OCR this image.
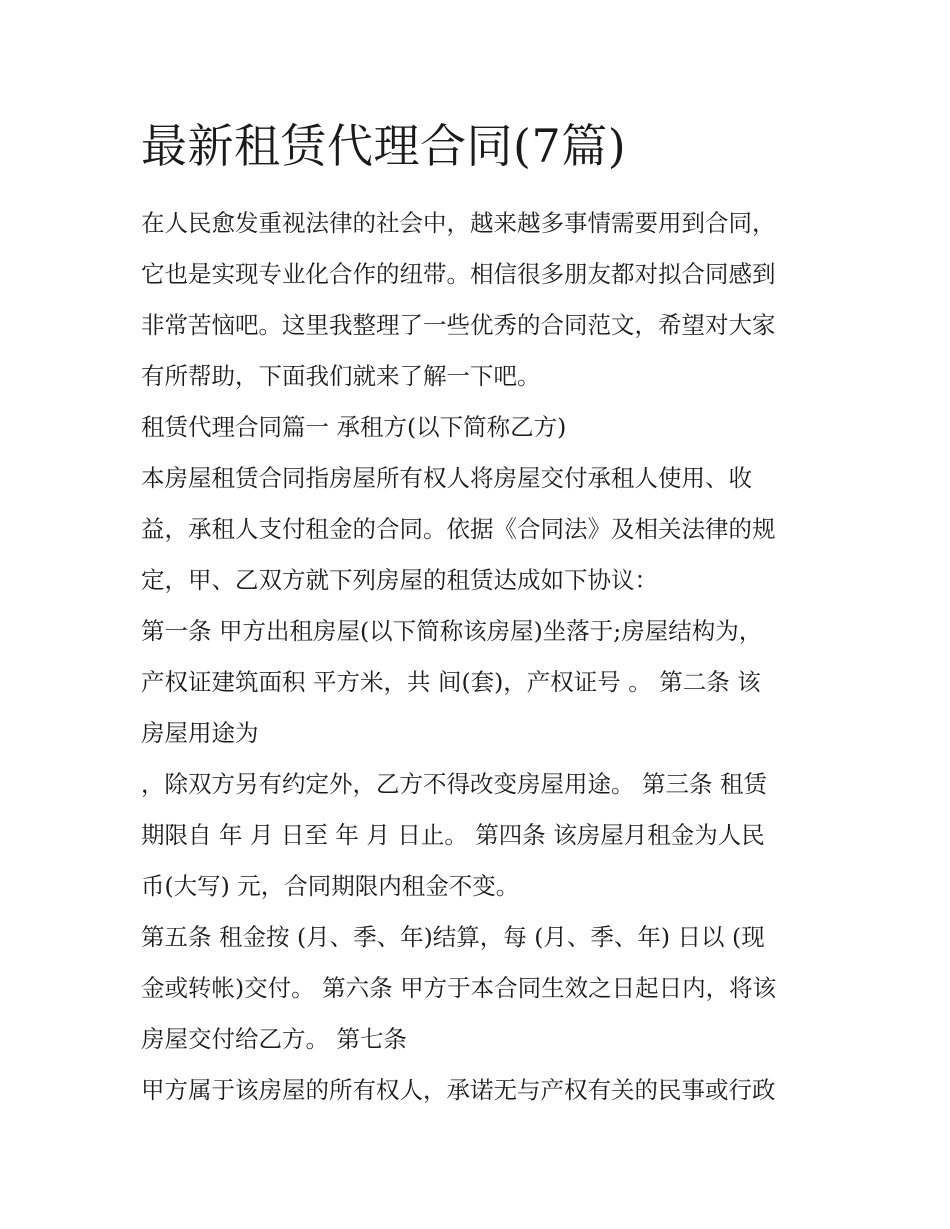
最新租赁代理合同(7篇)
在人民愈发重视法律的社会中，越来越多事情需要用到合同，
它也是实现专业化合作的纽带。相信很多朋友都对拟合同感到
非常苦恼吧。这里我整理了一些优秀的合同范文，希望对大家
有所帮助，下面我们就来了解一下吧。
租赁代理合同篇一 承租方(以下简称乙方)
本房屋租赁合同指房屋所有权人将房屋交付承租人使用、收
益，承租人支付租金的合同。依据《合同法》及相关法律的规
定，甲、乙双方就下列房屋的租赁达成如下协议：
第一条 甲方出租房屋(以下简称该房屋)坐落于;房屋结构为，
产权证建筑面积 平方米，共 间(套)，产权证号 。 第二条 该
房屋用途为
，除双方另有约定外，乙方不得改变房屋用途。 第三条 租赁
期限自 年 月 日至 年 月 日止。 第四条 该房屋月租金为人民
币(大写) 元，合同期限内租金不变。
第五条 租金按 (月、季、年)结算，每 (月、季、年) 日以 (现
金或转帐)交付。 第六条 甲方于本合同生效之日起日内，将该
房屋交付给乙方。 第七条
甲方属于该房屋的所有权人，承诺无与产权有关的民事或行政
